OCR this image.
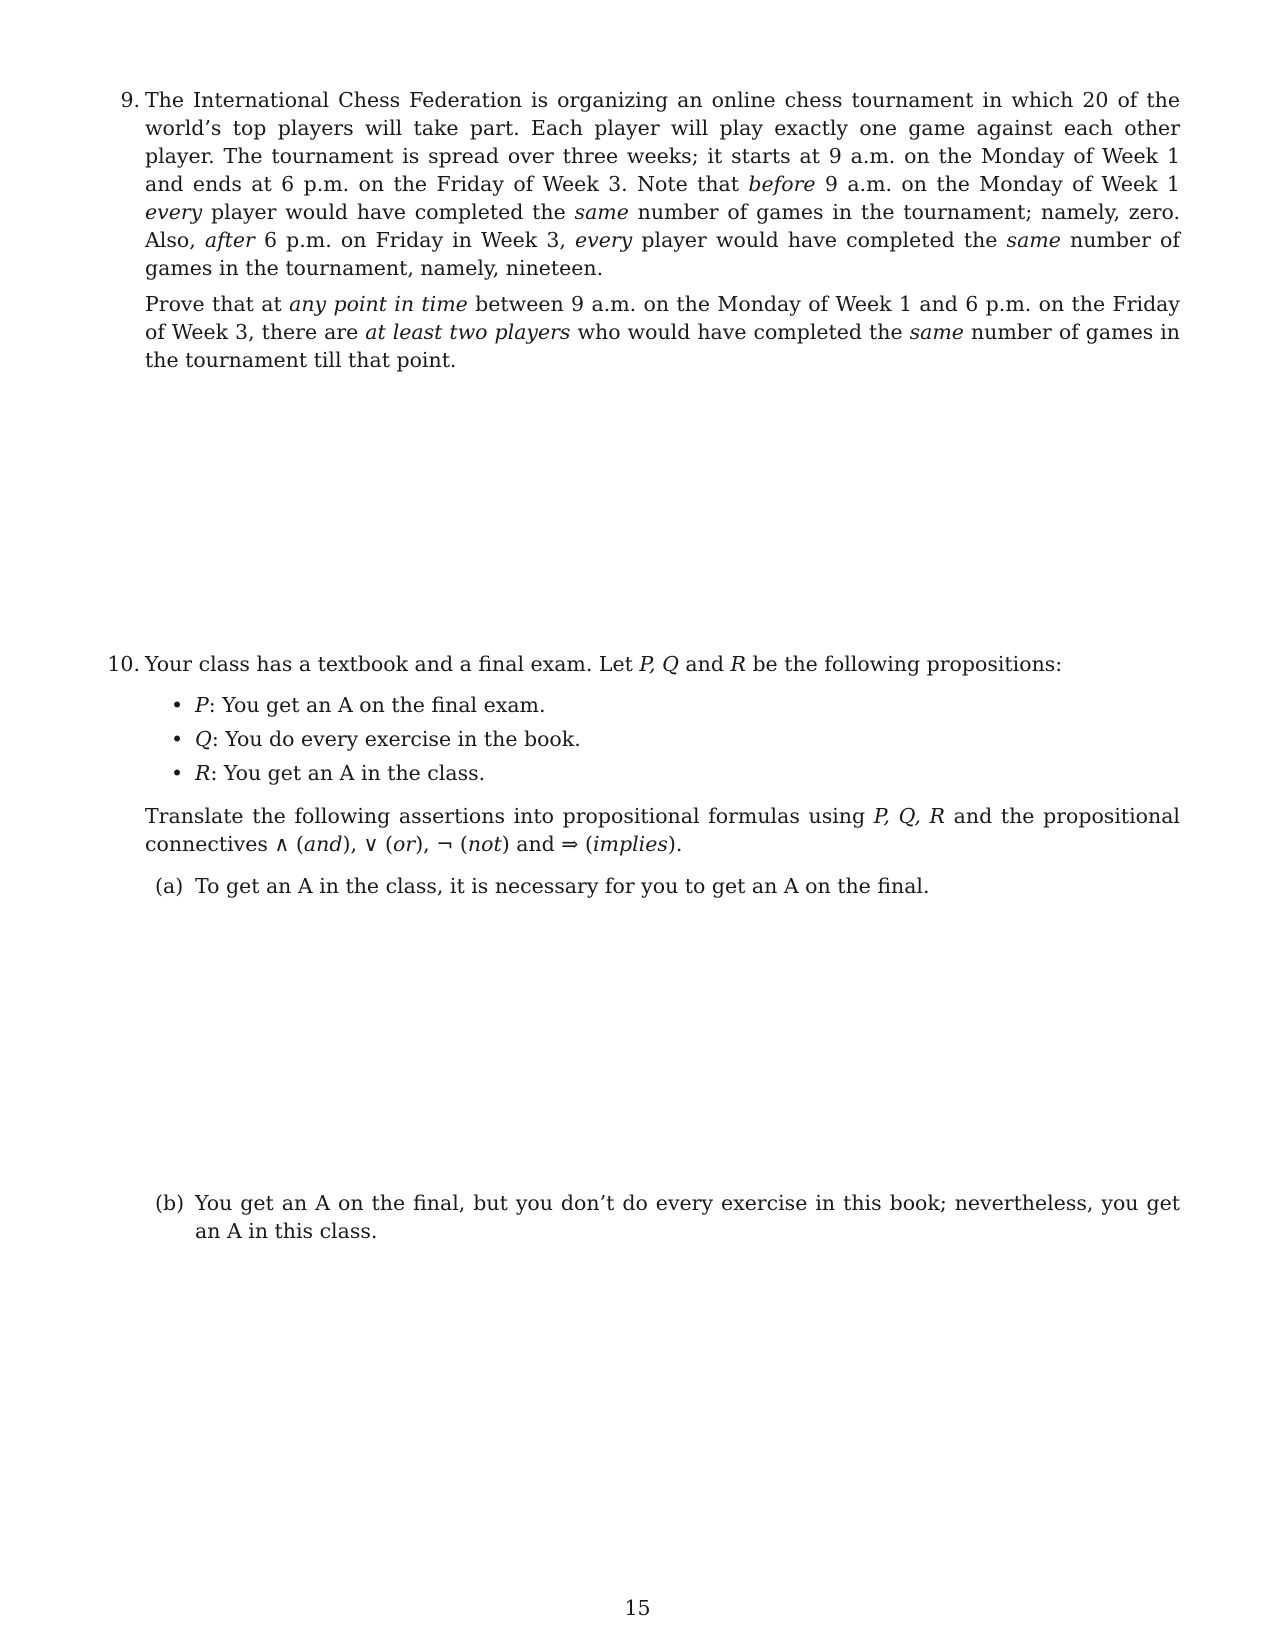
9. The International Chess Federation is organizing an online chess tournament in which 20 of the world’s top players will take part. Each player will play exactly one game against each other player. The tournament is spread over three weeks; it starts at 9 a.m. on the Monday of Week 1 and ends at 6 p.m. on the Friday of Week 3. Note that before 9 a.m. on the Monday of Week 1 every player would have completed the same number of games in the tournament; namely, zero. Also, after 6 p.m. on Friday in Week 3, every player would have completed the same number of games in the tournament, namely, nineteen.

Prove that at any point in time between 9 a.m. on the Monday of Week 1 and 6 p.m. on the Friday of Week 3, there are at least two players who would have completed the same number of games in the tournament till that point.

10. Your class has a textbook and a final exam. Let P, Q and R be the following propositions:

• P: You get an A on the final exam.
• Q: You do every exercise in the book.
• R: You get an A in the class.

Translate the following assertions into propositional formulas using P, Q, R and the propositional connectives ∧ (and), ∨ (or), ¬ (not) and ⇒ (implies).

(a) To get an A in the class, it is necessary for you to get an A on the final.

(b) You get an A on the final, but you don’t do every exercise in this book; nevertheless, you get an A in this class.

15
